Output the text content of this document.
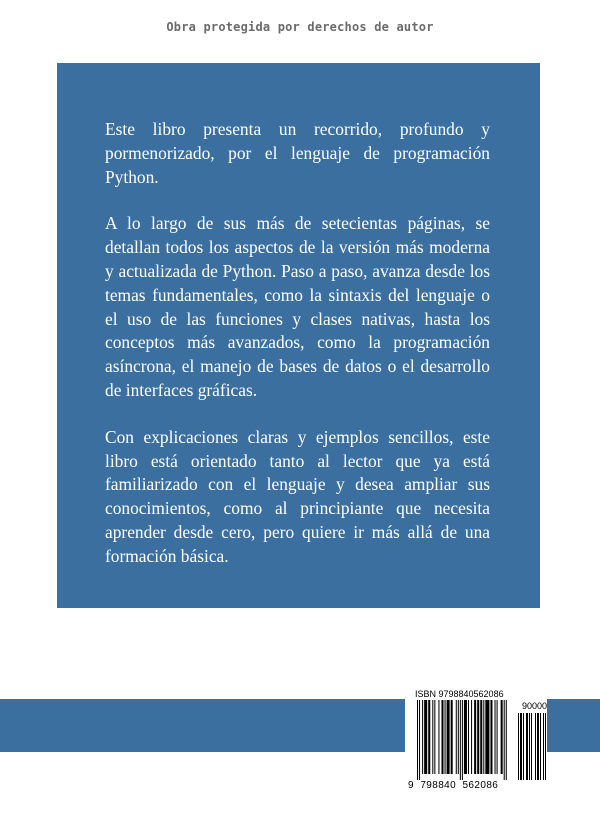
Obra protegida por derechos de autor

Este libro presenta un recorrido, profundo y pormenorizado, por el lenguaje de programación Python.

A lo largo de sus más de setecientas páginas, se detallan todos los aspectos de la versión más moderna y actualizada de Python. Paso a paso, avanza desde los temas fundamentales, como la sintaxis del lenguaje o el uso de las funciones y clases nativas, hasta los conceptos más avanzados, como la programación asíncrona, el manejo de bases de datos o el desarrollo de interfaces gráficas.

Con explicaciones claras y ejemplos sencillos, este libro está orientado tanto al lector que ya está familiarizado con el lenguaje y desea ampliar sus conocimientos, como al principiante que necesita aprender desde cero, pero quiere ir más allá de una formación básica.

ISBN 9798840562086
90000
9 798840 562086
